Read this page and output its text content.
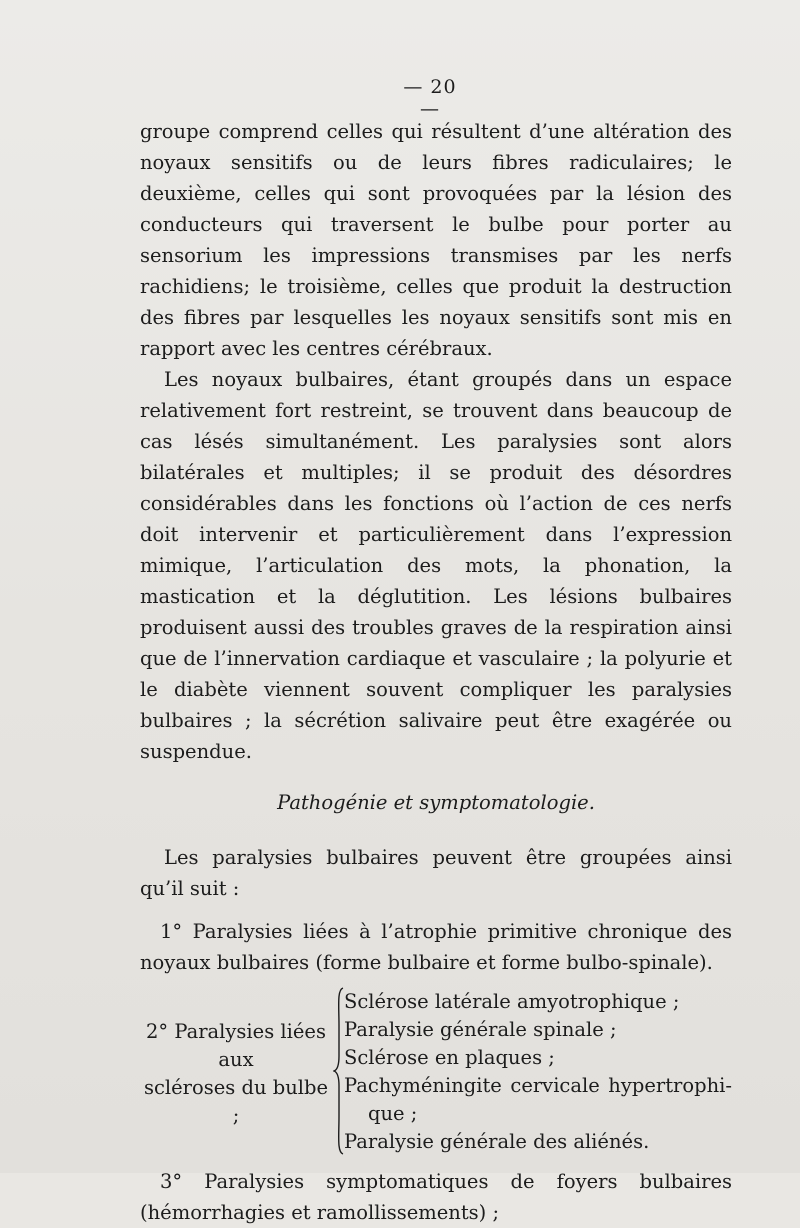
— 20 —

groupe comprend celles qui résultent d’une altération des noyaux sensitifs ou de leurs fibres radiculaires; le deuxième, celles qui sont provoquées par la lésion des conducteurs qui traversent le bulbe pour porter au sensorium les impressions transmises par les nerfs rachidiens; le troisième, celles que produit la destruction des fibres par lesquelles les noyaux sensitifs sont mis en rapport avec les centres cérébraux.

Les noyaux bulbaires, étant groupés dans un espace relativement fort restreint, se trouvent dans beaucoup de cas lésés simultanément. Les paralysies sont alors bilatérales et multiples; il se produit des désordres considérables dans les fonctions où l’action de ces nerfs doit intervenir et particulièrement dans l’expression mimique, l’articulation des mots, la phonation, la mastication et la déglutition. Les lésions bulbaires produisent aussi des troubles graves de la respiration ainsi que de l’innervation cardiaque et vasculaire ; la polyurie et le diabète viennent souvent compliquer les paralysies bulbaires ; la sécrétion salivaire peut être exagérée ou suspendue.

Pathogénie et symptomatologie.

Les paralysies bulbaires peuvent être groupées ainsi qu’il suit :

1° Paralysies liées à l’atrophie primitive chronique des noyaux bulbaires (forme bulbaire et forme bulbo-spinale).

2° Paralysies liées
aux
scléroses du bulbe ;
Sclérose latérale amyotrophique ;
Paralysie générale spinale ;
Sclérose en plaques ;
Pachyméningite cervicale hypertrophi-
que ;
Paralysie générale des aliénés.

3° Paralysies symptomatiques de foyers bulbaires (hémorrhagies et ramollissements) ;
